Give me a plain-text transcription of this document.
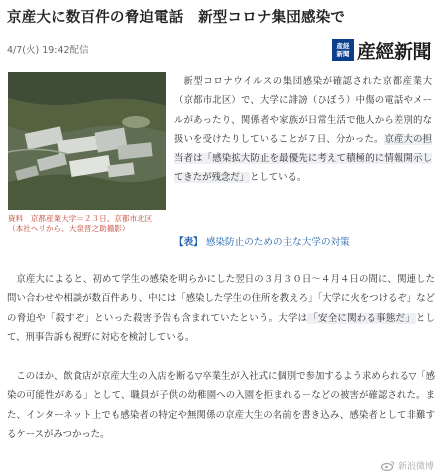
京産大に数百件の脅迫電話　新型コロナ集団感染で
4/7(火) 19:42配信	産経
新聞 産經新聞
資料　京都産業大学＝２３日、京都市北区（本社ヘリから、大泉晋之助撮影）

新型コロナウイルスの集団感染が確認された京都産業大（京都市北区）で、大学に誹謗（ひぼう）中傷の電話やメールがあったり、関係者や家族が日常生活で他人から差別的な扱いを受けたりしていることが７日、分かった。京産大の担当者は「感染拡大防止を最優先に考えて積極的に情報開示してきたが残念だ」としている。

【表】 感染防止のための主な大学の対策

京産大によると、初めて学生の感染を明らかにした翌日の３月３０日～４月４日の間に、関連した問い合わせや相談が数百件あり、中には「感染した学生の住所を教えろ」「大学に火をつけるぞ」などの脅迫や「殺すぞ」といった殺害予告も含まれていたという。大学は「安全に関わる事態だ」として、刑事告訴も視野に対応を検討している。

このほか、飲食店が京産大生の入店を断る▽卒業生が入社式に個別で参加するよう求められる▽「感染の可能性がある」として、職員が子供の幼稚園への入園を拒まれる－などの被害が確認された。また、インターネット上でも感染者の特定や無関係の京産大生の名前を書き込み、感染者として非難するケースがみつかった。

新浪微博
